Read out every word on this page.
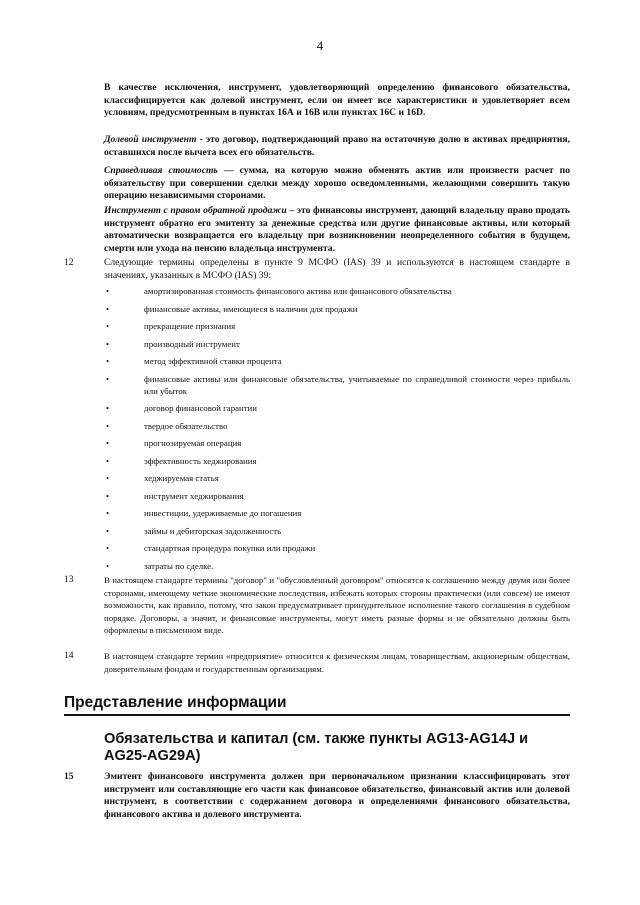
4

В качестве исключения, инструмент, удовлетворяющий определению финансового обязательства, классифицируется как долевой инструмент, если он имеет все характеристики и удовлетворяет всем условиям, предусмотренным в пунктах 16А и 16В или пунктах 16С и 16D.

Долевой инструмент - это договор, подтверждающий право на остаточную долю в активах предприятия, оставшихся после вычета всех его обязательств.

Справедливая стоимость — сумма, на которую можно обменять актив или произвести расчет по обязательству при совершении сделки между хорошо осведомленными, желающими совершить такую операцию независимыми сторонами.

Инструмент с правом обратной продажи – это финансовы инструмент, дающий владельцу право продать инструмент обратно его эмитенту за денежные средства или другие финансовые активы, или который автоматически возвращается его владельцу при возникновении неопределенного события в будущем, смерти или ухода на пенсию владельца инструмента.

12	Следующие термины определены в пункте 9 МСФО (IAS) 39 и используются в настоящем стандарте в значениях, указанных в МСФО (IAS) 39:

•	амортизированная стоимость финансового актива или финансового обязательства
•	финансовые активы, имеющиеся в наличии для продажи
•	прекращение признания
•	производный инструмент
•	метод эффективной ставки процента
•	финансовые активы или финансовые обязательства, учитываемые по справедливой стоимости через прибыль или убыток
•	договор финансовой гарантии
•	твердое обязательство
•	прогнозируемая операция
•	эффективность хеджирования
•	хеджируемая статья
•	инструмент хеджирования
•	инвестиции, удерживаемые до погашения
•	займы и дебиторская задолженность
•	стандартная процедура покупки или продажи
•	затраты по сделке.
13	В настоящем стандарте термины "договор" и "обусловленный договором" относятся к соглашению между двумя или более сторонами, имеющему четкие экономические последствия, избежать которых стороны практически (или совсем) не имеют возможности, как правило, потому, что закон предусматривает принудительное исполнение такого соглашения в судебном порядке. Договоры, а значит, и финансовые инструменты, могут иметь разные формы и не обязательно должны быть оформлены в письменном виде.

14	В настоящем стандарте термин «предприятие» относится к физическим лицам, товариществам, акционерным обществам, доверительным фондам и государственным организациям.

Представление информации
Обязательства и капитал (см. также пункты AG13-AG14J и AG25-AG29A)
15	Эмитент финансового инструмента должен при первоначальном признании классифицировать этот инструмент или составляющие его части как финансовое обязательство, финансовый актив или долевой инструмент, в соответствии с содержанием договора и определениями финансового обязательства, финансового актива и долевого инструмента.
